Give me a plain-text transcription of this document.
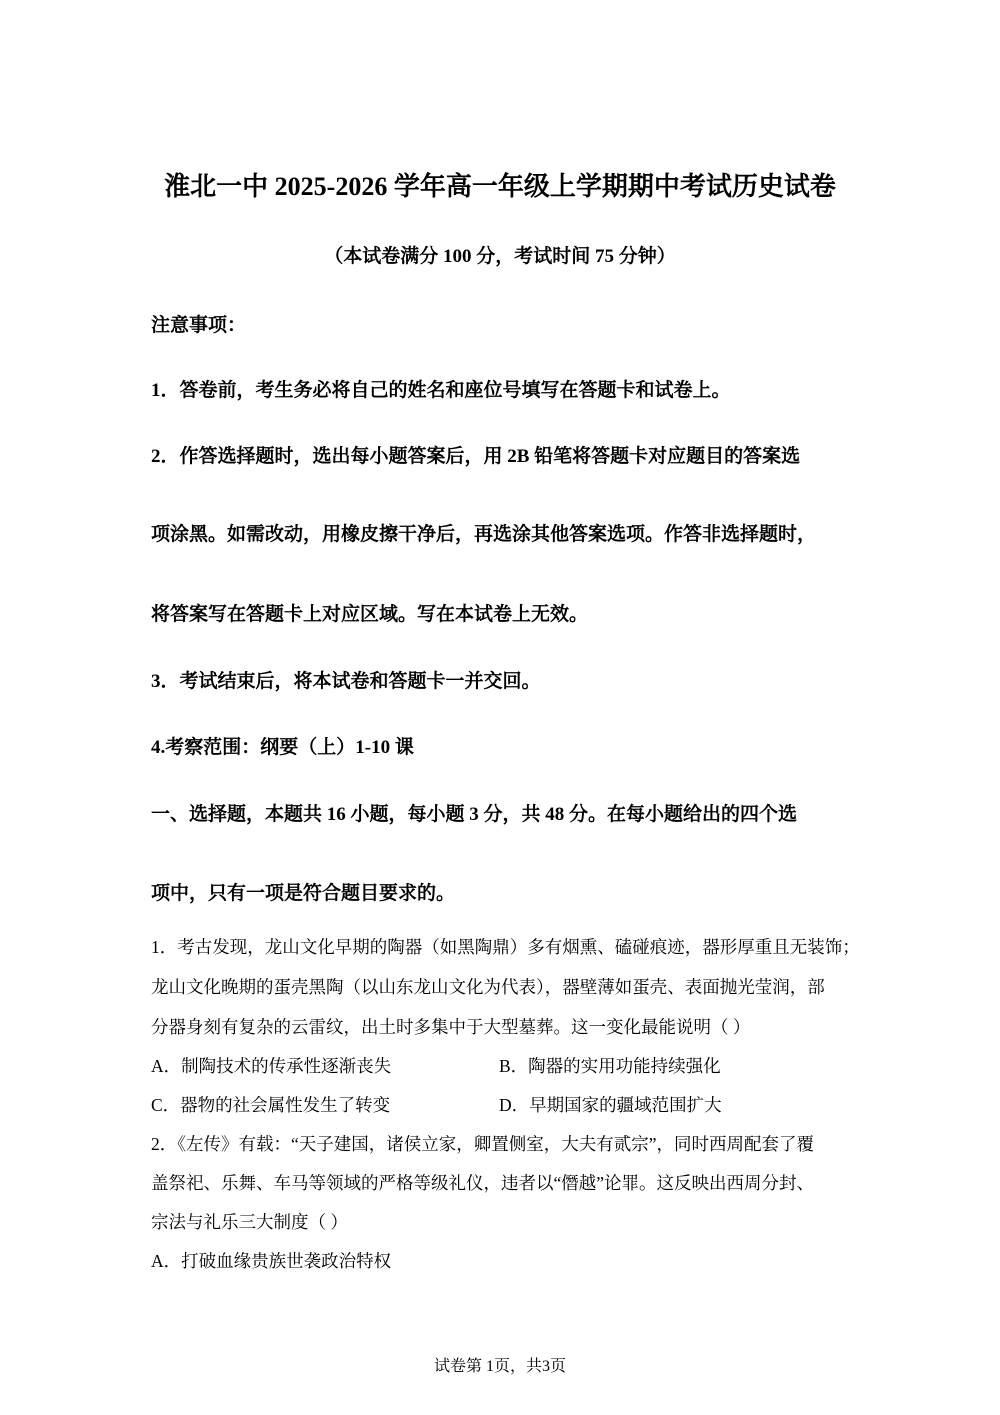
淮北一中 2025-2026 学年高一年级上学期期中考试历史试卷
（本试卷满分 100 分，考试时间 75 分钟）
注意事项：
1．答卷前，考生务必将自己的姓名和座位号填写在答题卡和试卷上。
2．作答选择题时，选出每小题答案后，用 2B 铅笔将答题卡对应题目的答案选
项涂黑。如需改动，用橡皮擦干净后，再选涂其他答案选项。作答非选择题时，
将答案写在答题卡上对应区域。写在本试卷上无效。
3．考试结束后，将本试卷和答题卡一并交回。
4.考察范围：纲要（上）1-10 课
一、选择题，本题共 16 小题，每小题 3 分，共 48 分。在每小题给出的四个选
项中，只有一项是符合题目要求的。
1．考古发现，龙山文化早期的陶器（如黑陶鼎）多有烟熏、磕碰痕迹，器形厚重且无装饰；
龙山文化晚期的蛋壳黑陶（以山东龙山文化为代表），器壁薄如蛋壳、表面抛光莹润，部
分器身刻有复杂的云雷纹，出土时多集中于大型墓葬。这一变化最能说明（ ）
A．制陶技术的传承性逐渐丧失	B．陶器的实用功能持续强化
C．器物的社会属性发生了转变	D．早期国家的疆域范围扩大
2．《左传》有载：“天子建国，诸侯立家，卿置侧室，大夫有贰宗”，同时西周配套了覆
盖祭祀、乐舞、车马等领域的严格等级礼仪，违者以“僭越”论罪。这反映出西周分封、
宗法与礼乐三大制度（ ）
A．打破血缘贵族世袭政治特权
试卷第 1页，共3页
